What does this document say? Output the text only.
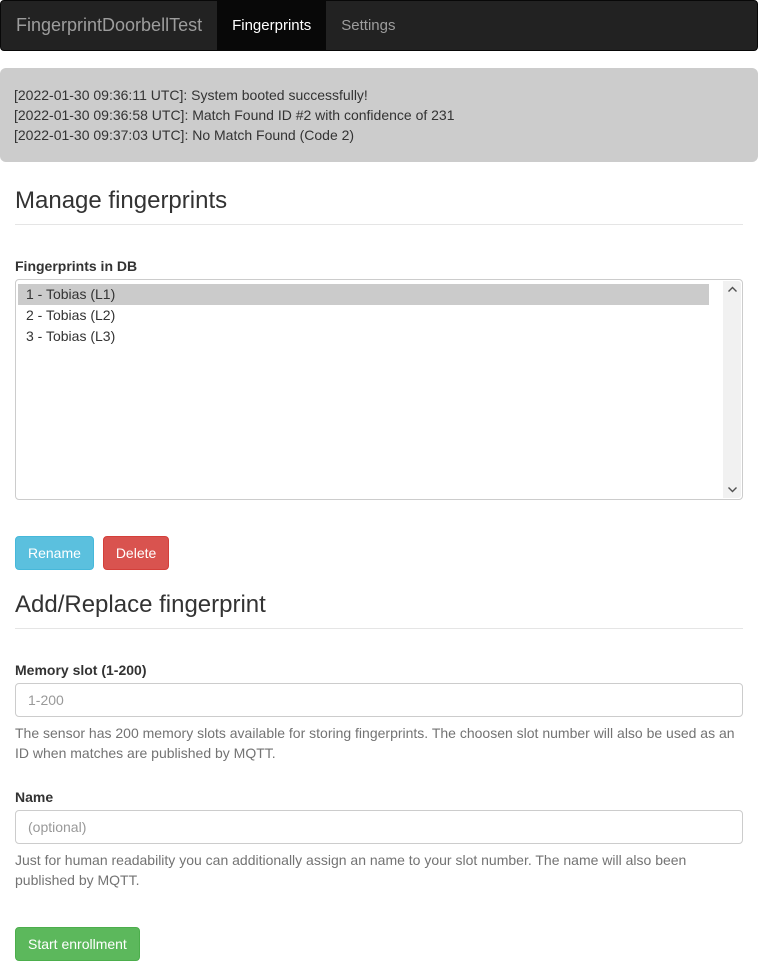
FingerprintDoorbellTest	Fingerprints	Settings
[2022-01-30 09:36:11 UTC]: System booted successfully!
[2022-01-30 09:36:58 UTC]: Match Found ID #2 with confidence of 231
[2022-01-30 09:37:03 UTC]: No Match Found (Code 2)
Manage fingerprints
Fingerprints in DB
1 - Tobias (L1)
2 - Tobias (L2)
3 - Tobias (L3)
Rename Delete
Add/Replace fingerprint
Memory slot (1-200)
1-200
The sensor has 200 memory slots available for storing fingerprints. The choosen slot number will also be used as an ID when matches are published by MQTT.
Name
(optional)
Just for human readability you can additionally assign an name to your slot number. The name will also been published by MQTT.
Start enrollment
